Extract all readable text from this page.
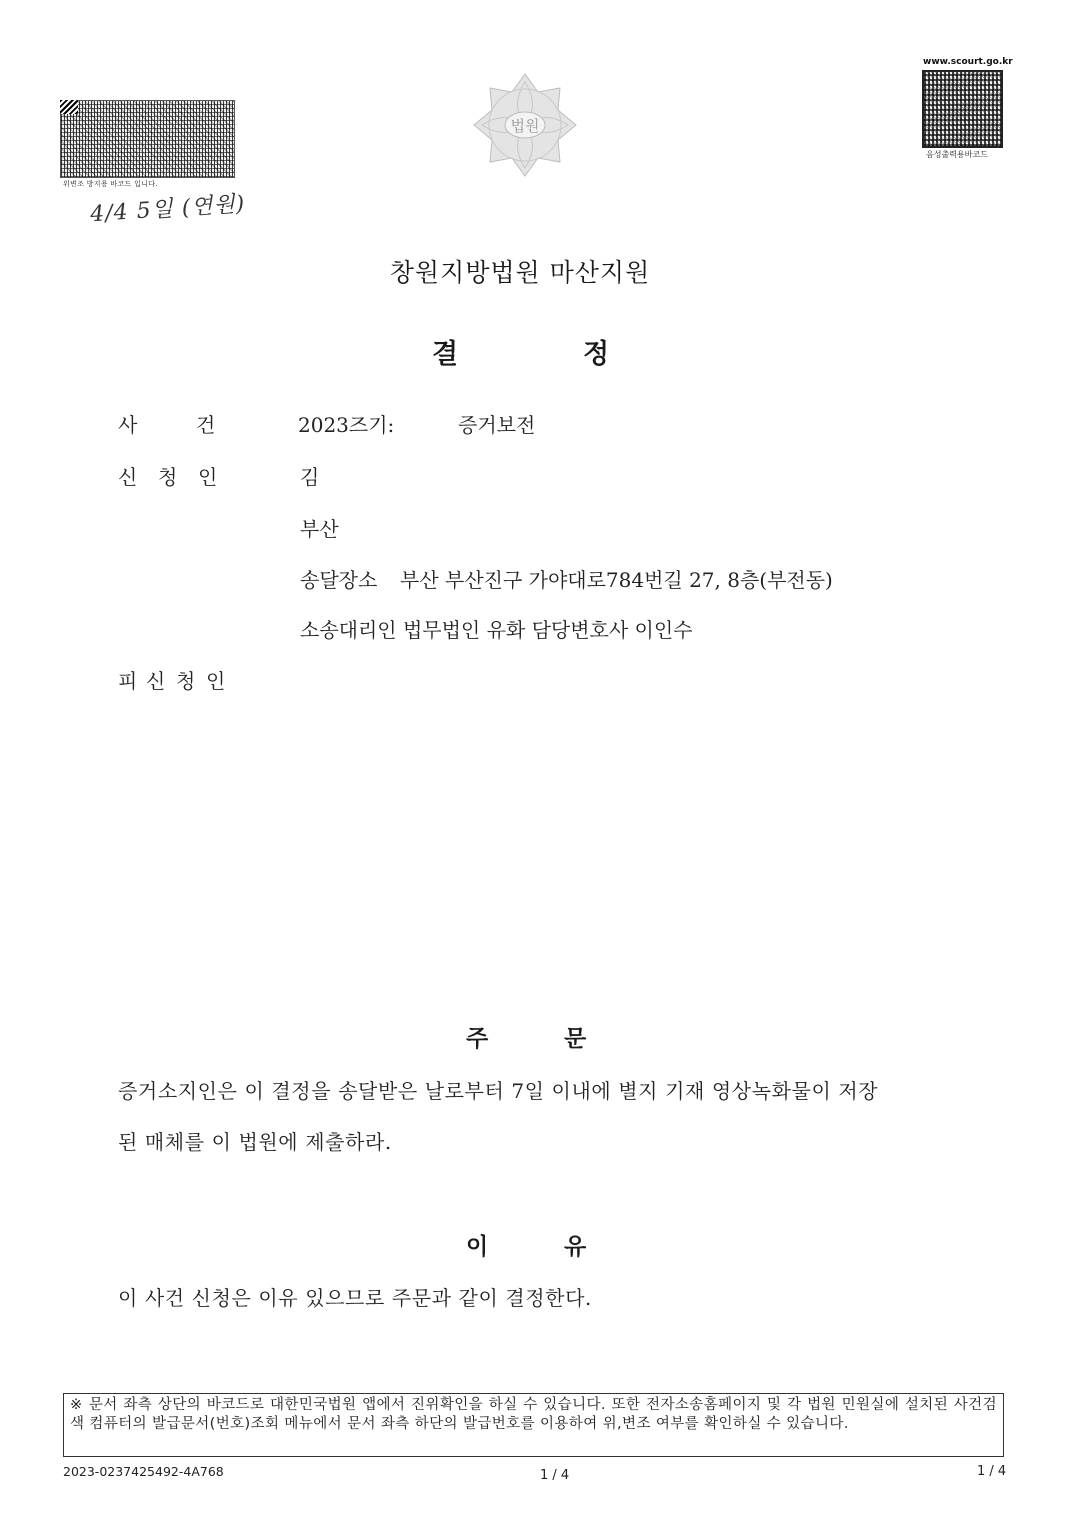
위변조 방지용 바코드 입니다.
4/4 5일 (연원)
법원
www.scourt.go.kr
음성출력용바코드
창원지방법원 마산지원
결	정
사	건	2023즈기:	증거보전
신 청 인	김
부산
송달장소 부산 부산진구 가야대로784번길 27, 8층(부전동)
소송대리인 법무법인 유화 담당변호사 이인수
피 신 청 인
주	문
증거소지인은 이 결정을 송달받은 날로부터 7일 이내에 별지 기재 영상녹화물이 저장
된 매체를 이 법원에 제출하라.
이	유
이 사건 신청은 이유 있으므로 주문과 같이 결정한다.
※ 문서 좌측 상단의 바코드로 대한민국법원 앱에서 진위확인을 하실 수 있습니다. 또한 전자소송홈페이지 및 각 법원 민원실에 설치된 사건검색 컴퓨터의 발급문서(번호)조회 메뉴에서 문서 좌측 하단의 발급번호를 이용하여 위,변조 여부를 확인하실 수 있습니다.
2023-0237425492-4A768	1 / 4	1 / 4
